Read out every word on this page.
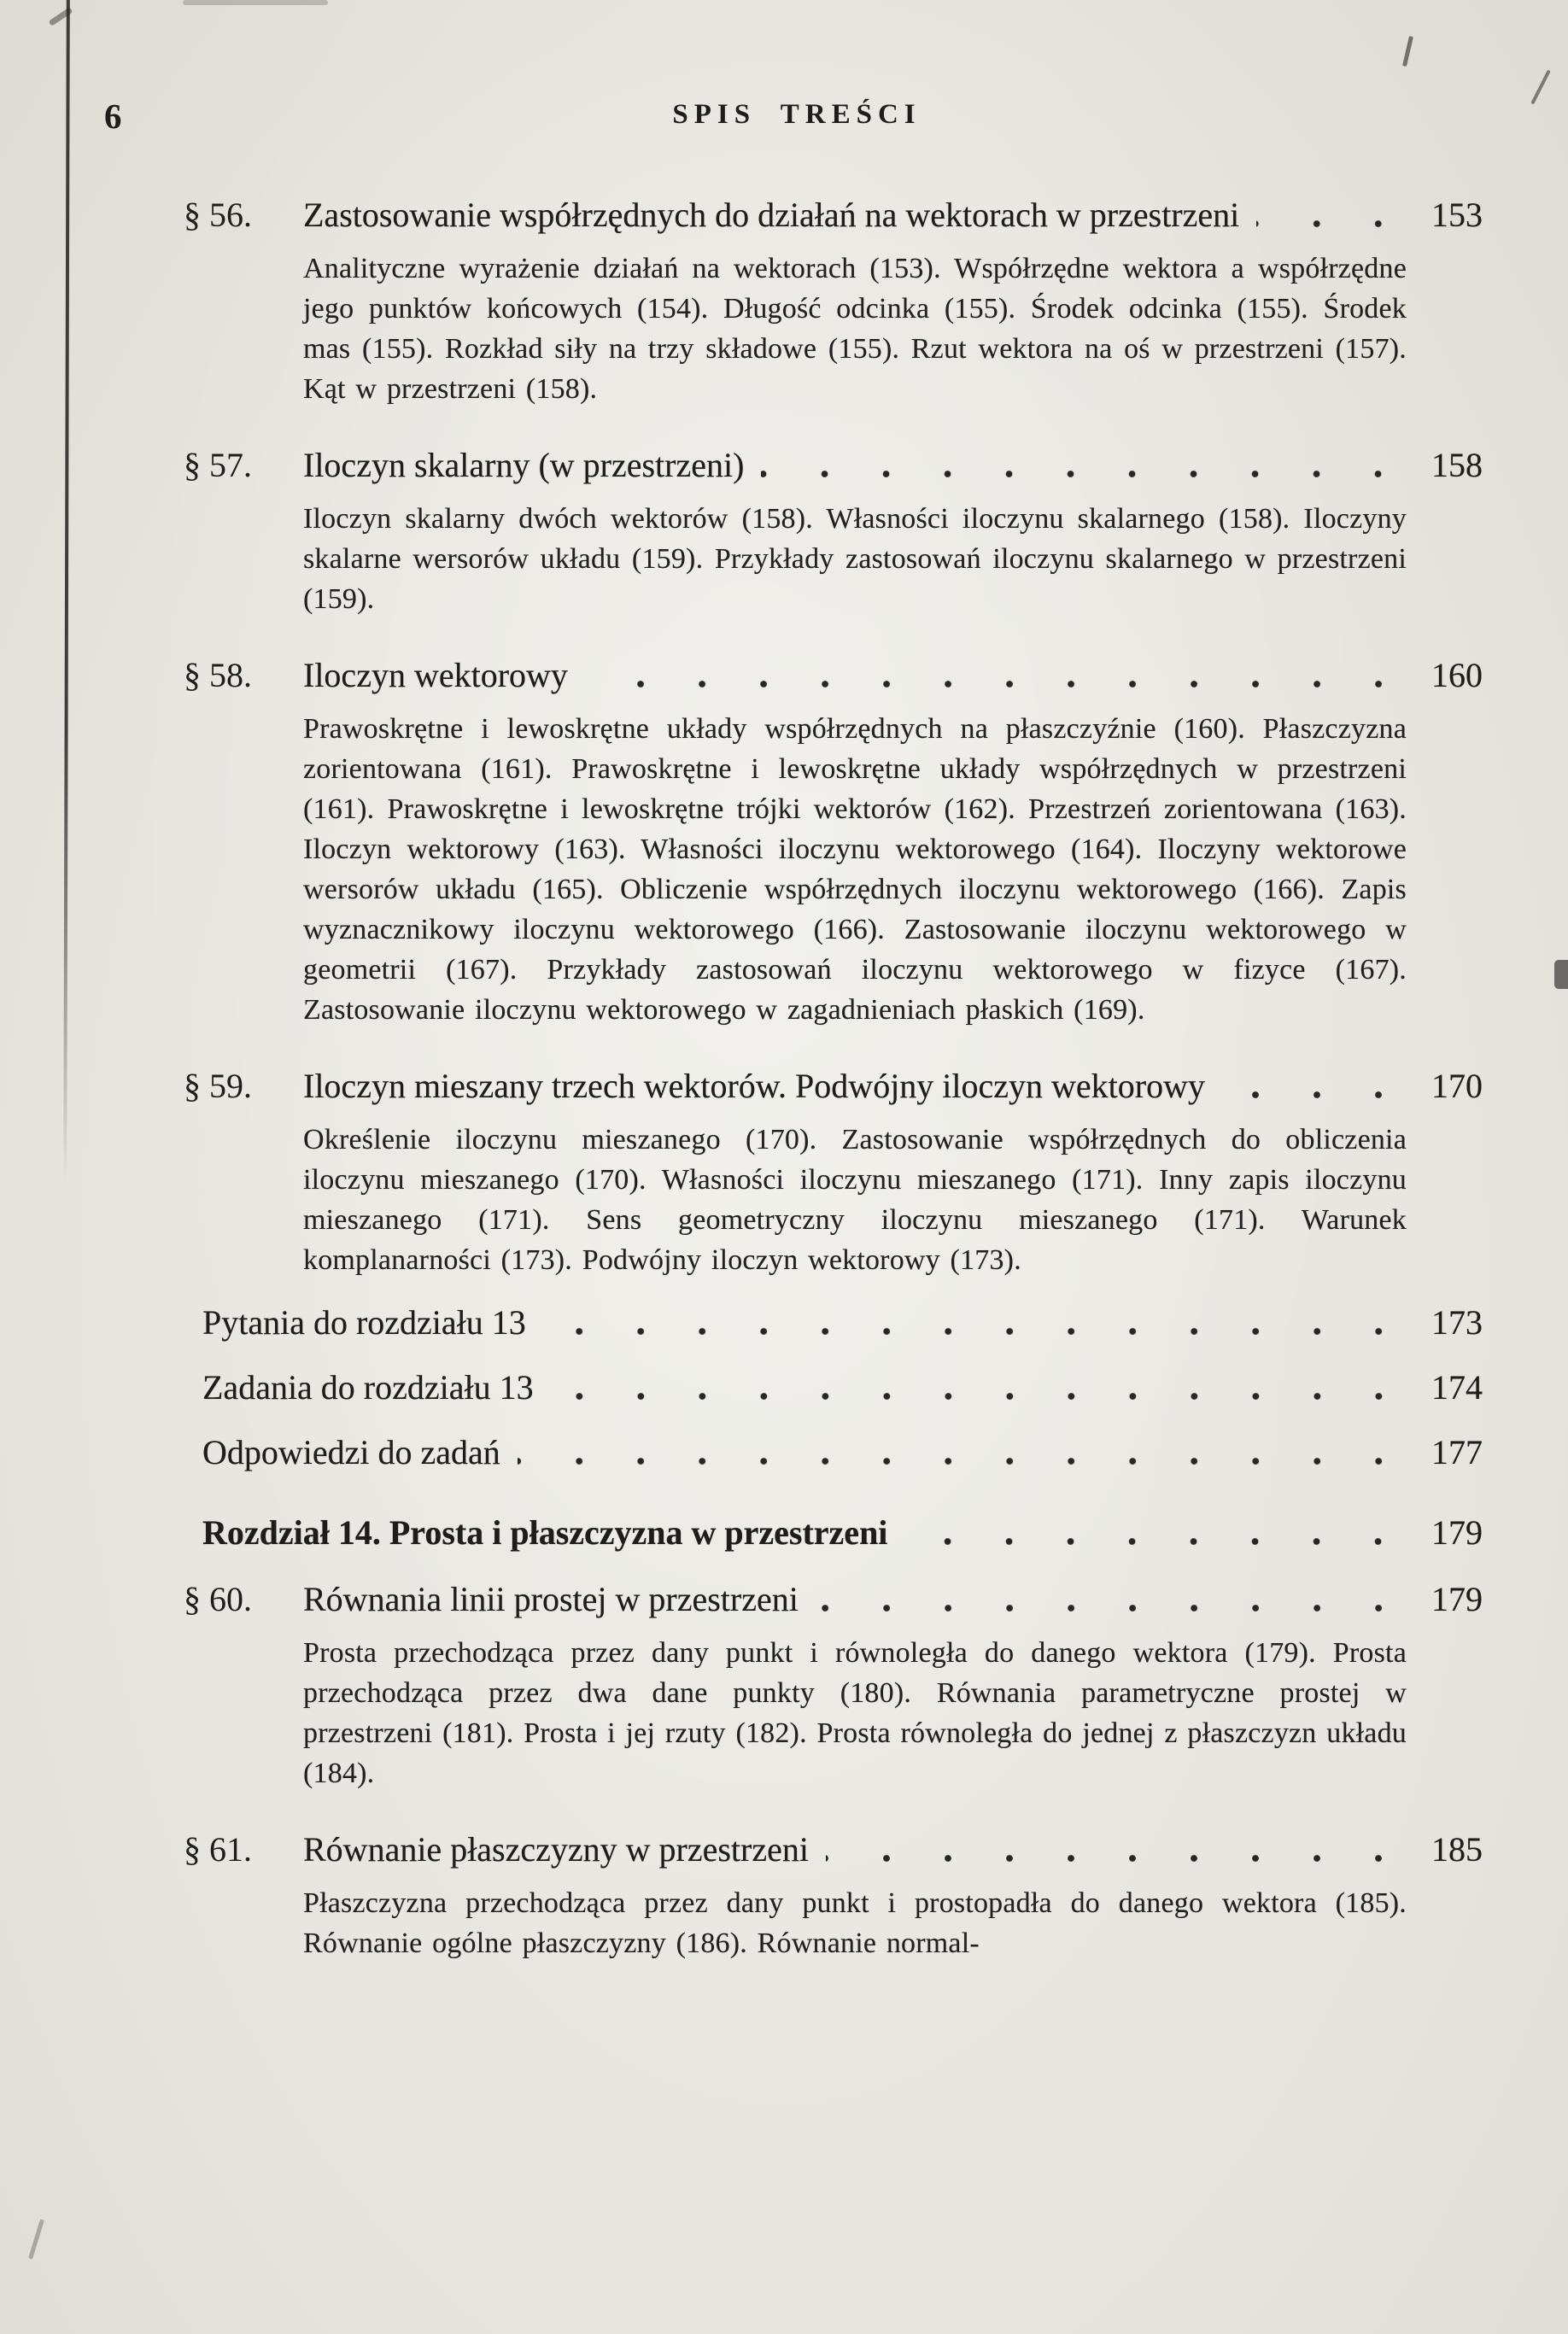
6	SPIS TREŚCI
§ 56.	Zastosowanie współrzędnych do działań na wektorach w przestrzeni	153
Analityczne wyrażenie działań na wektorach (153). Współrzędne wektora a współrzędne jego punktów końcowych (154). Długość odcinka (155). Środek odcinka (155). Środek mas (155). Rozkład siły na trzy składowe (155). Rzut wektora na oś w przestrzeni (157). Kąt w przestrzeni (158).
§ 57.	Iloczyn skalarny (w przestrzeni)	158
Iloczyn skalarny dwóch wektorów (158). Własności iloczynu skalarnego (158). Iloczyny skalarne wersorów układu (159). Przykłady zastosowań iloczynu skalarnego w przestrzeni (159).
§ 58.	Iloczyn wektorowy	160
Prawoskrętne i lewoskrętne układy współrzędnych na płaszczyźnie (160). Płaszczyzna zorientowana (161). Prawoskrętne i lewoskrętne układy współrzędnych w przestrzeni (161). Prawoskrętne i lewoskrętne trójki wektorów (162). Przestrzeń zorientowana (163). Iloczyn wektorowy (163). Własności iloczynu wektorowego (164). Iloczyny wektorowe wersorów układu (165). Obliczenie współrzędnych iloczynu wektorowego (166). Zapis wyznacznikowy iloczynu wektorowego (166). Zastosowanie iloczynu wektorowego w geometrii (167). Przykłady zastosowań iloczynu wektorowego w fizyce (167). Zastosowanie iloczynu wektorowego w zagadnieniach płaskich (169).
§ 59.	Iloczyn mieszany trzech wektorów. Podwójny iloczyn wektorowy	170
Określenie iloczynu mieszanego (170). Zastosowanie współrzędnych do obliczenia iloczynu mieszanego (170). Własności iloczynu mieszanego (171). Inny zapis iloczynu mieszanego (171). Sens geometryczny iloczynu mieszanego (171). Warunek komplanarności (173). Podwójny iloczyn wektorowy (173).
Pytania do rozdziału 13	173
Zadania do rozdziału 13	174
Odpowiedzi do zadań	177
Rozdział 14. Prosta i płaszczyzna w przestrzeni	179
§ 60.	Równania linii prostej w przestrzeni	179
Prosta przechodząca przez dany punkt i równoległa do danego wektora (179). Prosta przechodząca przez dwa dane punkty (180). Równania parametryczne prostej w przestrzeni (181). Prosta i jej rzuty (182). Prosta równoległa do jednej z płaszczyzn układu (184).
§ 61.	Równanie płaszczyzny w przestrzeni	185
Płaszczyzna przechodząca przez dany punkt i prostopadła do danego wektora (185). Równanie ogólne płaszczyzny (186). Równanie normal-
